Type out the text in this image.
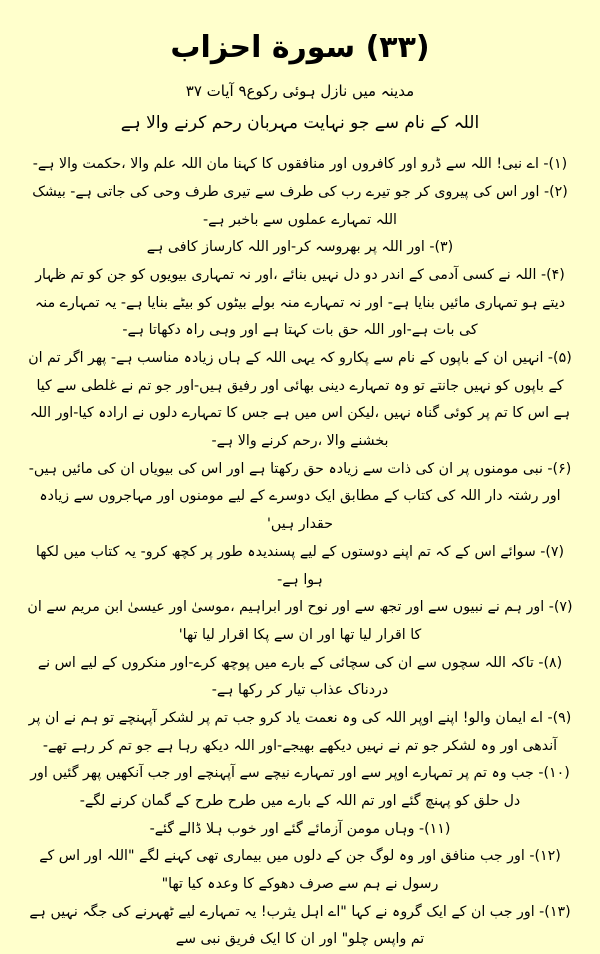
(۳۳) سورة احزاب
مدینہ میں نازل ہوئی رکوع۹ آیات ۷۳
اللہ کے نام سے جو نہایت مہربان رحم کرنے والا ہے

(۱)- اے نبی! اللہ سے ڈرو اور کافروں اور منافقوں کا کہنا مان اللہ علم والا ،حکمت والا ہے-

(۲)- اور اس کی پیروی کر جو تیرے رب کی طرف سے تیری طرف وحی کی جاتی ہے- بیشک اللہ تمہارے عملوں سے باخبر ہے-

(۳)- اور اللہ پر بھروسہ کر-اور اللہ کارساز کافی ہے

(۴)- اللہ نے کسی آدمی کے اندر دو دل نہیں بنائے ،اور نہ تمہاری بیویوں کو جن کو تم ظہار دیتے ہو تمہاری مائیں بنایا ہے- اور نہ تمہارے منہ بولے بیٹوں کو بیٹے بنایا ہے- یہ تمہارے منہ کی بات ہے-اور اللہ حق بات کہتا ہے اور وہی راہ دکھاتا ہے-

(۵)- انہیں ان کے باپوں کے نام سے پکارو کہ یہی اللہ کے ہاں زیادہ مناسب ہے- پھر اگر تم ان کے باپوں کو نہیں جانتے تو وہ تمہارے دینی بھائی اور رفیق ہیں-اور جو تم نے غلطی سے کیا ہے اس کا تم پر کوئی گناہ نہیں ،لیکن اس میں ہے جس کا تمہارے دلوں نے ارادہ کیا-اور اللہ بخشنے والا ،رحم کرنے والا ہے-

(۶)- نبی مومنوں پر ان کی ذات سے زیادہ حق رکھتا ہے اور اس کی بیویاں ان کی مائیں ہیں-اور رشتہ دار اللہ کی کتاب کے مطابق ایک دوسرے کے لیے مومنوں اور مہاجروں سے زیادہ حقدار ہیں'

(۷)- سوائے اس کے کہ تم اپنے دوستوں کے لیے پسندیدہ طور پر کچھ کرو- یہ کتاب میں لکھا ہوا ہے-

(۷)- اور ہم نے نبیوں سے اور تجھ سے اور نوح اور ابراہیم ،موسیٰ اور عیسیٰ ابن مریم سے ان کا اقرار لیا تھا اور ان سے پکا اقرار لیا تھا'

(۸)- تاکہ اللہ سچوں سے ان کی سچائی کے بارے میں پوچھ کرے-اور منکروں کے لیے اس نے دردناک عذاب تیار کر رکھا ہے-

(۹)- اے ایمان والو! اپنے اوپر اللہ کی وہ نعمت یاد کرو جب تم پر لشکر آپہنچے تو ہم نے ان پر آندھی اور وہ لشکر جو تم نے نہیں دیکھے بھیجے-اور اللہ دیکھ رہا ہے جو تم کر رہے تھے-

(۱۰)- جب وہ تم پر تمہارے اوپر سے اور تمہارے نیچے سے آپہنچے اور جب آنکھیں پھر گئیں اور دل حلق کو پہنچ گئے اور تم اللہ کے بارے میں طرح طرح کے گمان کرنے لگے-

(۱۱)- وہاں مومن آزمائے گئے اور خوب ہلا ڈالے گئے-

(۱۲)- اور جب منافق اور وہ لوگ جن کے دلوں میں بیماری تھی کہنے لگے "اللہ اور اس کے رسول نے ہم سے صرف دھوکے کا وعدہ کیا تھا"

(۱۳)- اور جب ان کے ایک گروہ نے کہا "اے اہل یثرب! یہ تمہارے لیے ٹھہرنے کی جگہ نہیں ہے تم واپس چلو" اور ان کا ایک فریق نبی سے
